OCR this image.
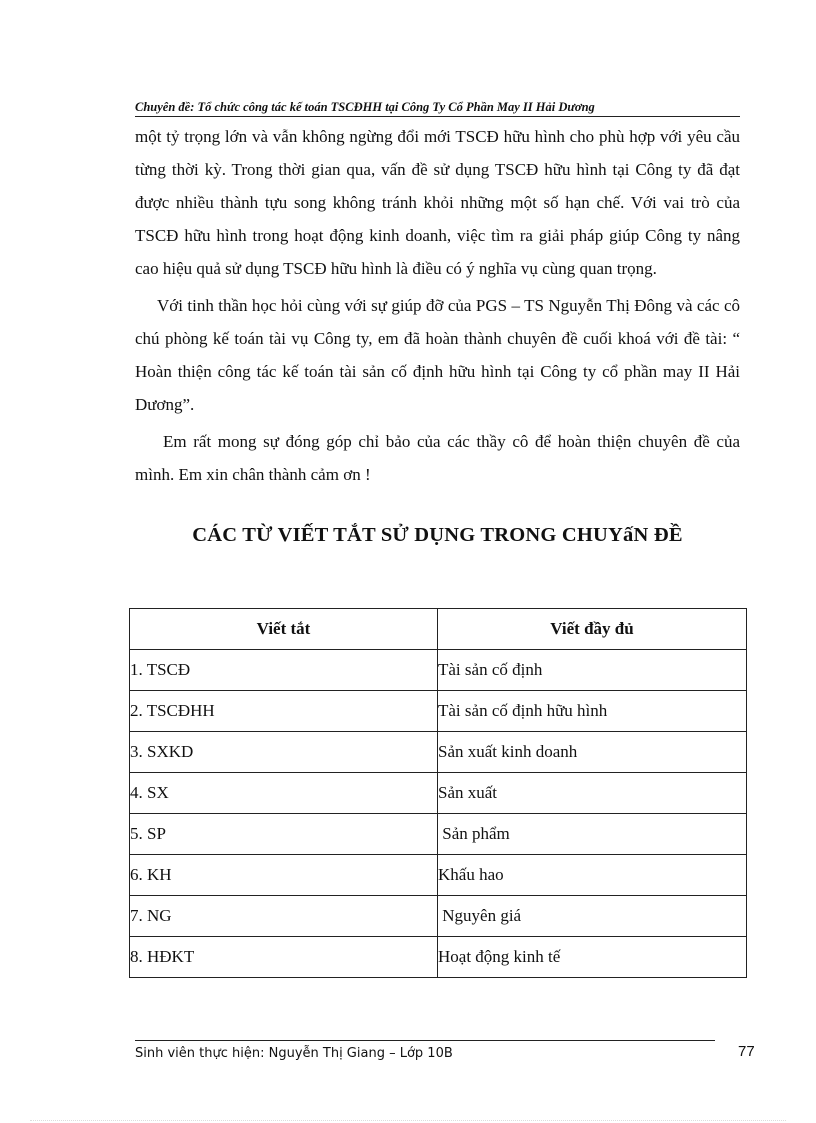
Chuyên đề: Tổ chức công tác kế toán TSCĐHH tại Công Ty Cổ Phần May II Hải Dương

một tỷ trọng lớn và vẫn không ngừng đổi mới TSCĐ hữu hình cho phù hợp với yêu cầu từng thời kỳ. Trong thời gian qua, vấn đề sử dụng TSCĐ hữu hình tại Công ty đã đạt được nhiều thành tựu song không tránh khỏi những một số hạn chế. Với vai trò của TSCĐ hữu hình trong hoạt động kinh doanh, việc tìm ra giải pháp giúp Công ty nâng cao hiệu quả sử dụng TSCĐ hữu hình là điều có ý nghĩa vụ cùng quan trọng.

Với tinh thần học hỏi cùng với sự giúp đỡ của PGS – TS Nguyễn Thị Đông và các cô chú phòng kế toán tài vụ Công ty, em đã hoàn thành chuyên đề cuối khoá với đề tài: “ Hoàn thiện công tác kế toán tài sản cố định hữu hình tại Công ty cổ phần may II Hải Dương”.

Em rất mong sự đóng góp chỉ bảo của các thầy cô để hoàn thiện chuyên đề của mình. Em xin chân thành cảm ơn !

CÁC TỪ VIẾT TẮT SỬ DỤNG TRONG CHUYấN ĐỀ
Viết tắt	Viết đầy đủ
1. TSCĐ	Tài sản cố định
2. TSCĐHH	Tài sản cố định hữu hình
3. SXKD	Sản xuất kinh doanh
4. SX	Sản xuất
5. SP	Sản phẩm
6. KH	Khấu hao
7. NG	Nguyên giá
8. HĐKT	Hoạt động kinh tế
Sinh viên thực hiện: Nguyễn Thị Giang – Lớp 10B	77
